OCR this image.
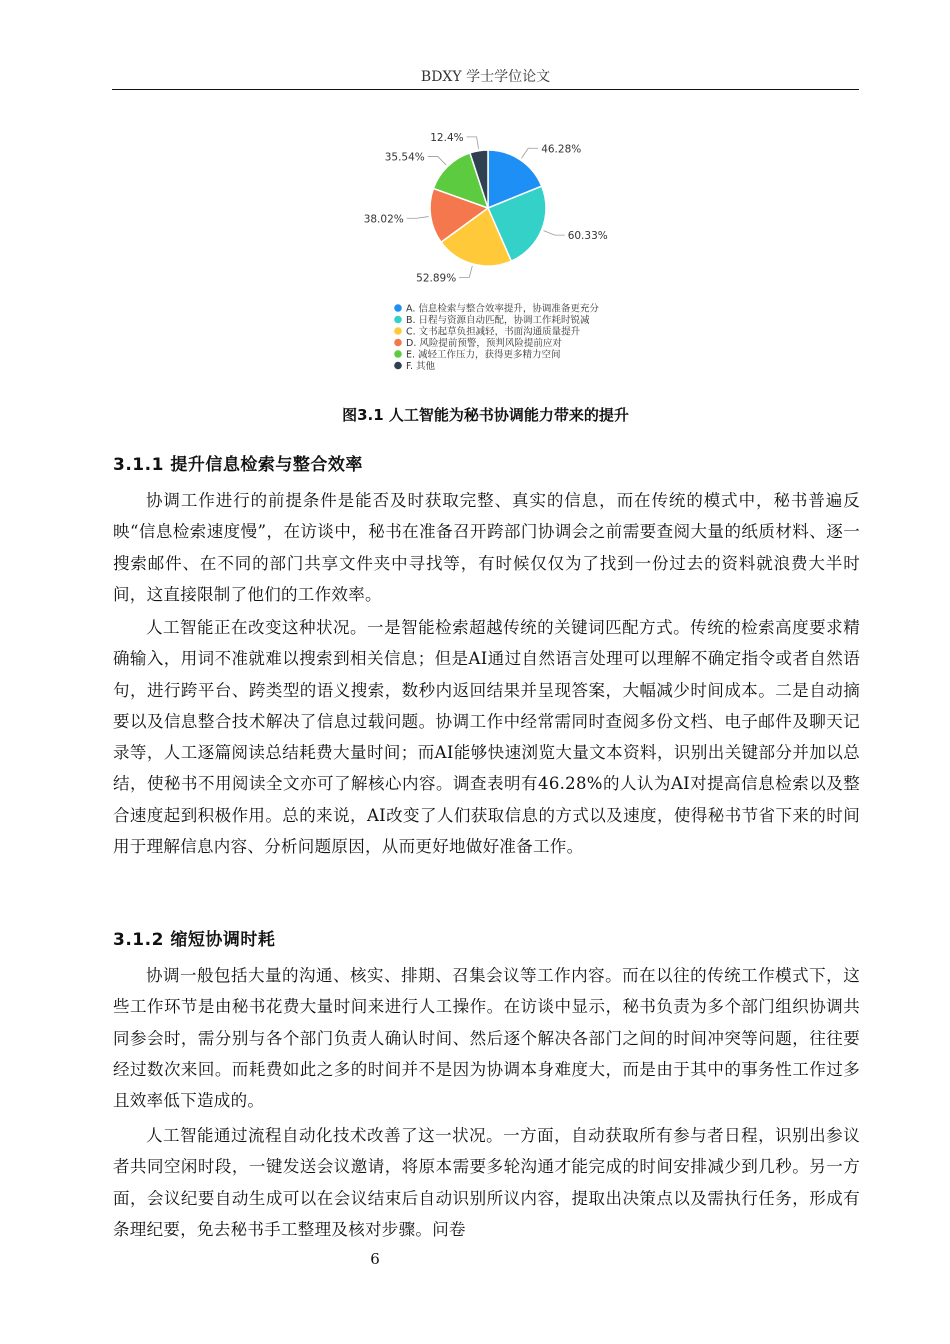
BDXY 学士学位论文
46.28%
60.33%
52.89%
38.02%
35.54%
12.4%
A. 信息检索与整合效率提升，协调准备更充分
B. 日程与资源自动匹配，协调工作耗时锐减
C. 文书起草负担减轻，书面沟通质量提升
D. 风险提前预警，预判风险提前应对
E. 减轻工作压力，获得更多精力空间
F. 其他
图3.1 人工智能为秘书协调能力带来的提升
3.1.1 提升信息检索与整合效率
协调工作进行的前提条件是能否及时获取完整、真实的信息，而在传统的模式中，秘书普遍反映“信息检索速度慢”，在访谈中，秘书在准备召开跨部门协调会之前需要查阅大量的纸质材料、逐一搜索邮件、在不同的部门共享文件夹中寻找等，有时候仅仅为了找到一份过去的资料就浪费大半时间，这直接限制了他们的工作效率。
人工智能正在改变这种状况。一是智能检索超越传统的关键词匹配方式。传统的检索高度要求精确输入，用词不准就难以搜索到相关信息；但是AI通过自然语言处理可以理解不确定指令或者自然语句，进行跨平台、跨类型的语义搜索，数秒内返回结果并呈现答案，大幅减少时间成本。二是自动摘要以及信息整合技术解决了信息过载问题。协调工作中经常需同时查阅多份文档、电子邮件及聊天记录等，人工逐篇阅读总结耗费大量时间；而AI能够快速浏览大量文本资料，识别出关键部分并加以总结，使秘书不用阅读全文亦可了解核心内容。调查表明有46.28%的人认为AI对提高信息检索以及整合速度起到积极作用。总的来说，AI改变了人们获取信息的方式以及速度，使得秘书节省下来的时间用于理解信息内容、分析问题原因，从而更好地做好准备工作。
3.1.2 缩短协调时耗
协调一般包括大量的沟通、核实、排期、召集会议等工作内容。而在以往的传统工作模式下，这些工作环节是由秘书花费大量时间来进行人工操作。在访谈中显示，秘书负责为多个部门组织协调共同参会时，需分别与各个部门负责人确认时间、然后逐个解决各部门之间的时间冲突等问题，往往要经过数次来回。而耗费如此之多的时间并不是因为协调本身难度大，而是由于其中的事务性工作过多且效率低下造成的。
人工智能通过流程自动化技术改善了这一状况。一方面，自动获取所有参与者日程，识别出参议者共同空闲时段，一键发送会议邀请，将原本需要多轮沟通才能完成的时间安排减少到几秒。另一方面，会议纪要自动生成可以在会议结束后自动识别所议内容，提取出决策点以及需执行任务，形成有条理纪要，免去秘书手工整理及核对步骤。问卷
6
